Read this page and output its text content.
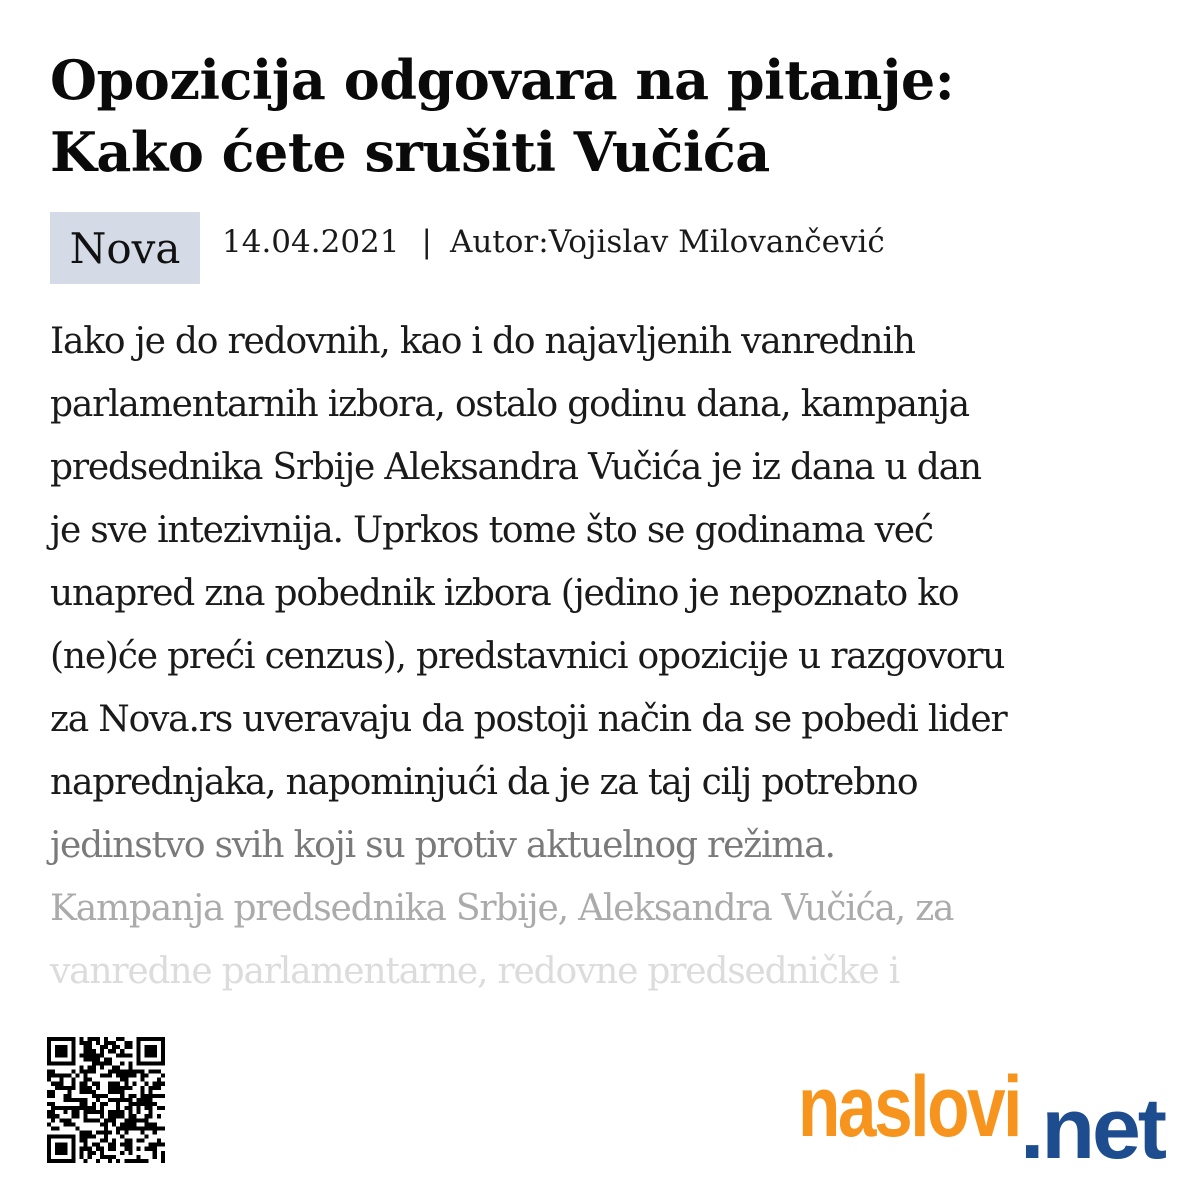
Opozicija odgovara na pitanje:
Kako ćete srušiti Vučića
Nova	14.04.2021 | Autor:Vojislav Milovančević
Iako je do redovnih, kao i do najavljenih vanrednih
parlamentarnih izbora, ostalo godinu dana, kampanja
predsednika Srbije Aleksandra Vučića je iz dana u dan
je sve intezivnija. Uprkos tome što se godinama već
unapred zna pobednik izbora (jedino je nepoznato ko
(ne)će preći cenzus), predstavnici opozicije u razgovoru
za Nova.rs uveravaju da postoji način da se pobedi lider
naprednjaka, napominjući da je za taj cilj potrebno
jedinstvo svih koji su protiv aktuelnog režima.
Kampanja predsednika Srbije, Aleksandra Vučića, za
vanredne parlamentarne, redovne predsedničke i
naslovi .net
